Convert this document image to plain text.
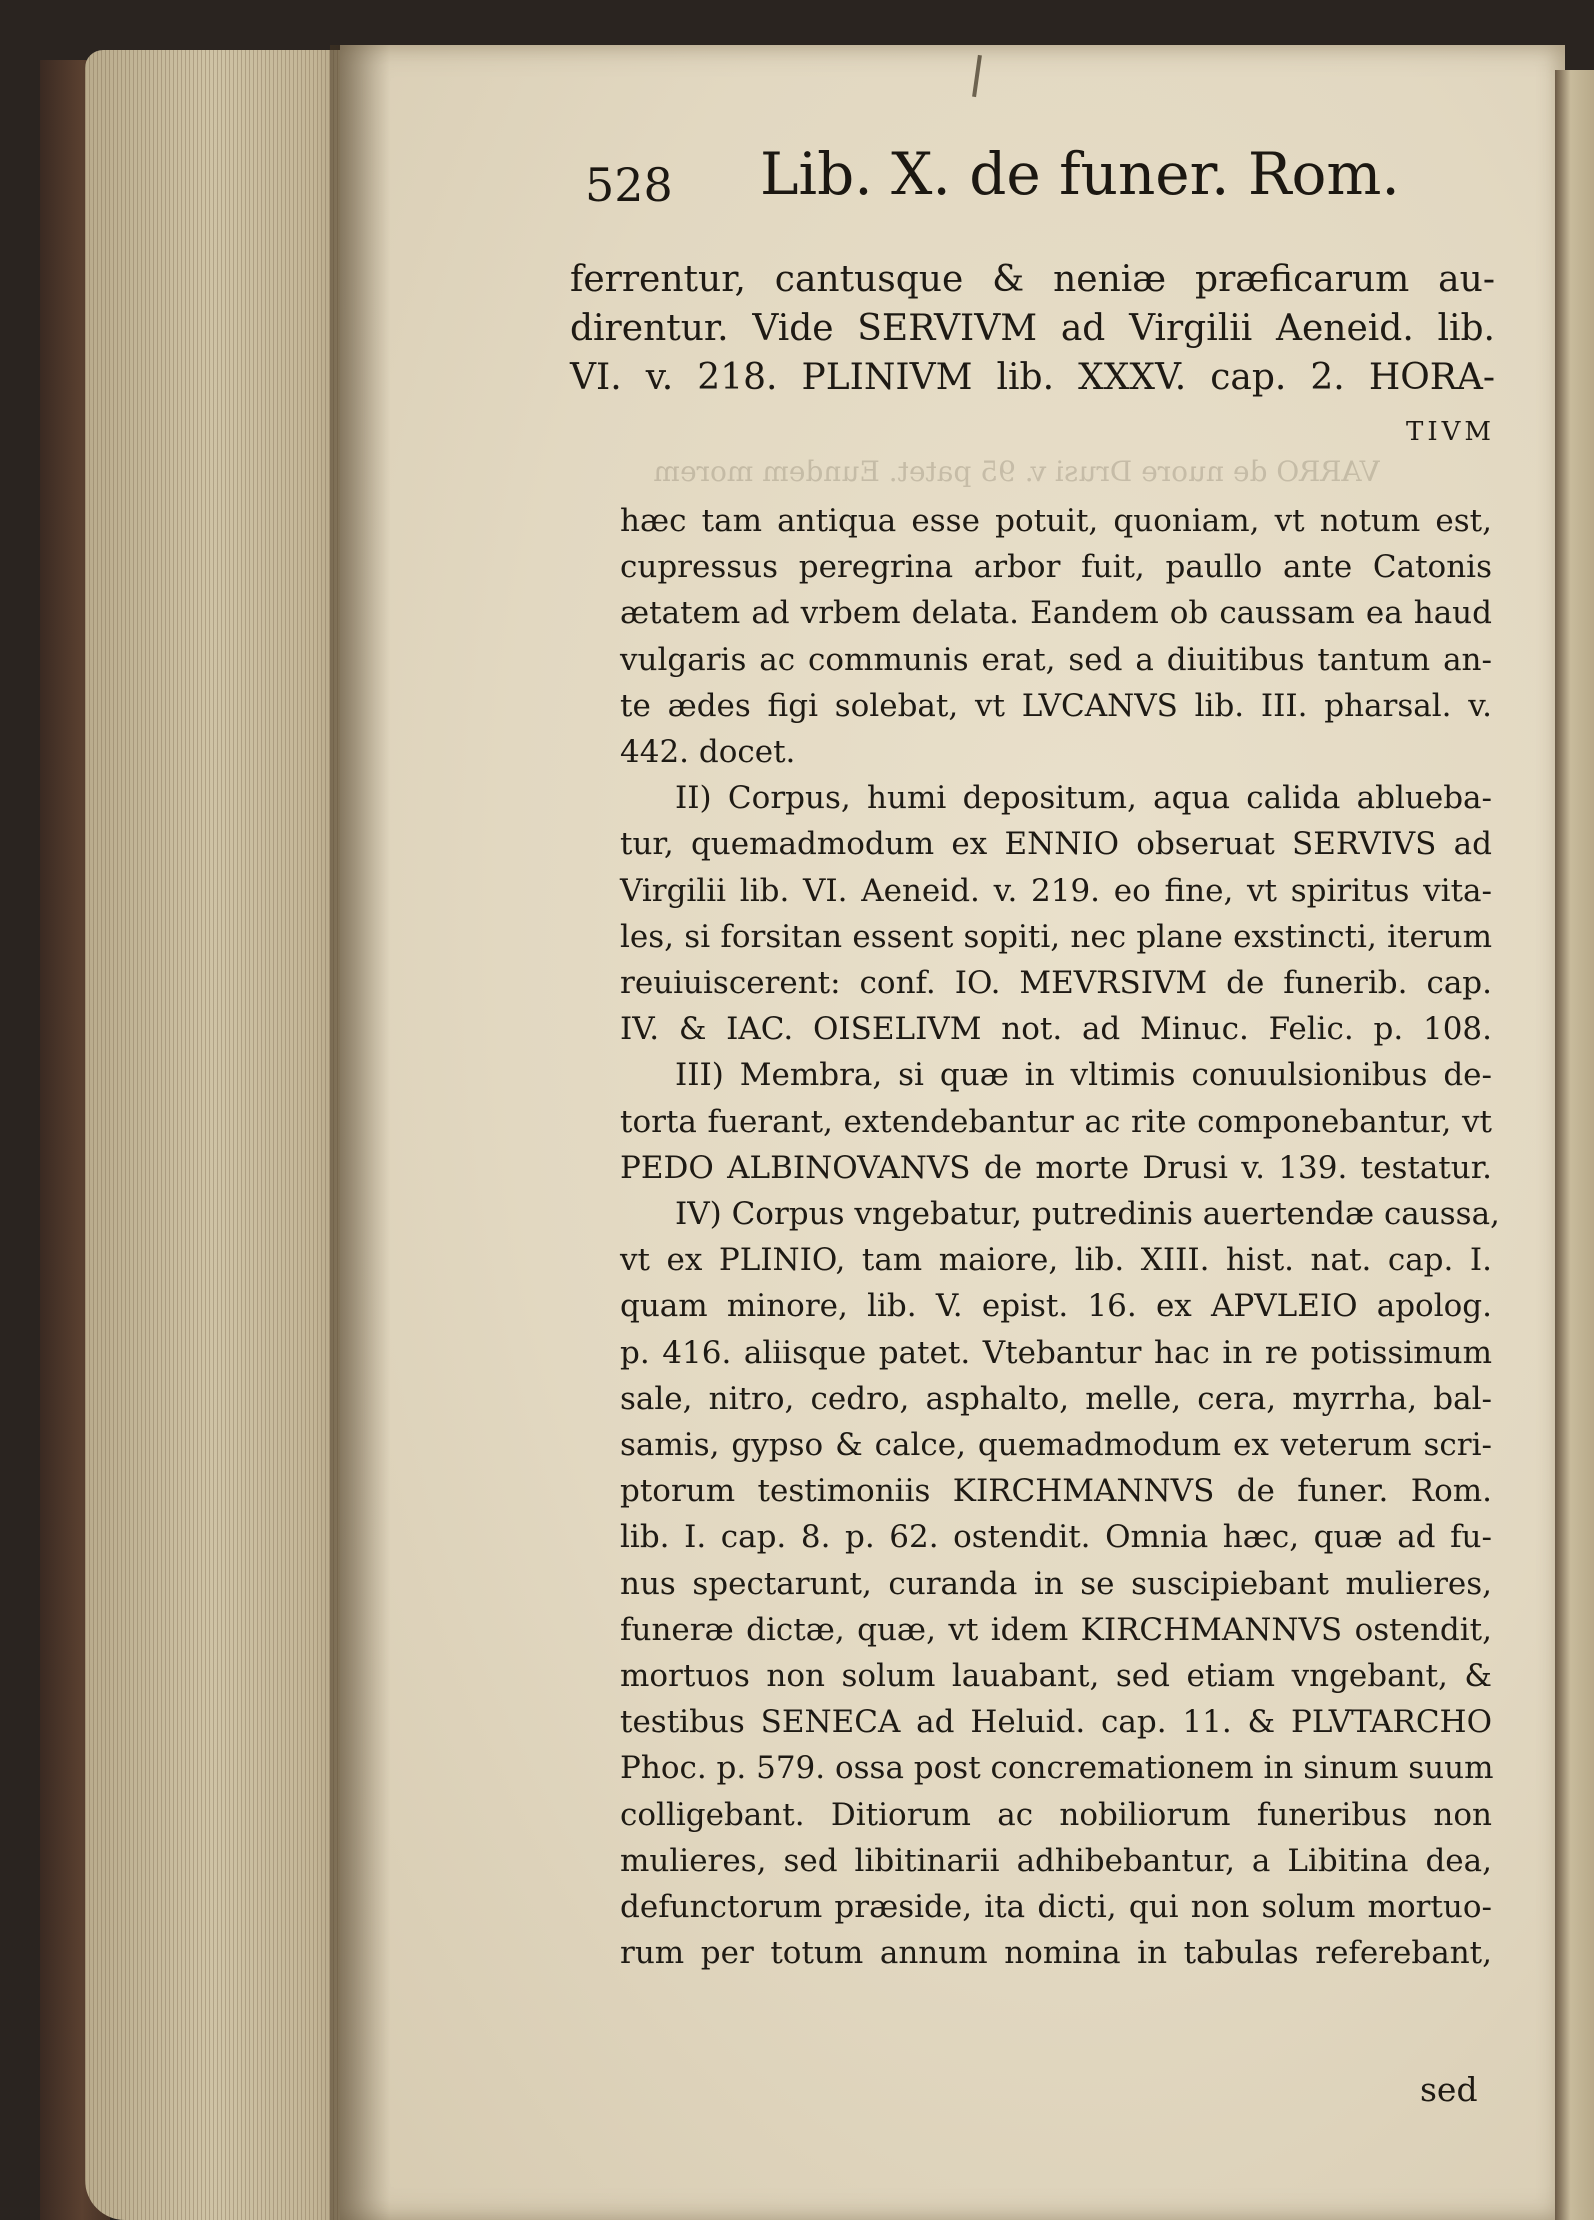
528 Lib. X. de funer. Rom.
VARRO de nuore Drusi v. 95 patet. Eundem morem
ferrentur, cantusque & neniæ præficarum au-
direntur. Vide SERVIVM ad Virgilii Aeneid. lib.
VI. v. 218. PLINIVM lib. XXXV. cap. 2. HORA-
TIVM
hæc tam antiqua esse potuit, quoniam, vt notum est,
cupressus peregrina arbor fuit, paullo ante Catonis
ætatem ad vrbem delata. Eandem ob caussam ea haud
vulgaris ac communis erat, sed a diuitibus tantum an-
te ædes figi solebat, vt LVCANVS lib. III. pharsal. v.
442. docet.
II) Corpus, humi depositum, aqua calida ablueba-
tur, quemadmodum ex ENNIO obseruat SERVIVS ad
Virgilii lib. VI. Aeneid. v. 219. eo fine, vt spiritus vita-
les, si forsitan essent sopiti, nec plane exstincti, iterum
reuiuiscerent: conf. IO. MEVRSIVM de funerib. cap.
IV. & IAC. OISELIVM not. ad Minuc. Felic. p. 108.
III) Membra, si quæ in vltimis conuulsionibus de-
torta fuerant, extendebantur ac rite componebantur, vt
PEDO ALBINOVANVS de morte Drusi v. 139. testatur.
IV) Corpus vngebatur, putredinis auertendæ caussa,
vt ex PLINIO, tam maiore, lib. XIII. hist. nat. cap. I.
quam minore, lib. V. epist. 16. ex APVLEIO apolog.
p. 416. aliisque patet. Vtebantur hac in re potissimum
sale, nitro, cedro, asphalto, melle, cera, myrrha, bal-
samis, gypso & calce, quemadmodum ex veterum scri-
ptorum testimoniis KIRCHMANNVS de funer. Rom.
lib. I. cap. 8. p. 62. ostendit. Omnia hæc, quæ ad fu-
nus spectarunt, curanda in se suscipiebant mulieres,
funeræ dictæ, quæ, vt idem KIRCHMANNVS ostendit,
mortuos non solum lauabant, sed etiam vngebant, &
testibus SENECA ad Heluid. cap. 11. & PLVTARCHO
Phoc. p. 579. ossa post concremationem in sinum suum
colligebant. Ditiorum ac nobiliorum funeribus non
mulieres, sed libitinarii adhibebantur, a Libitina dea,
defunctorum præside, ita dicti, qui non solum mortuo-
rum per totum annum nomina in tabulas referebant,
sed
